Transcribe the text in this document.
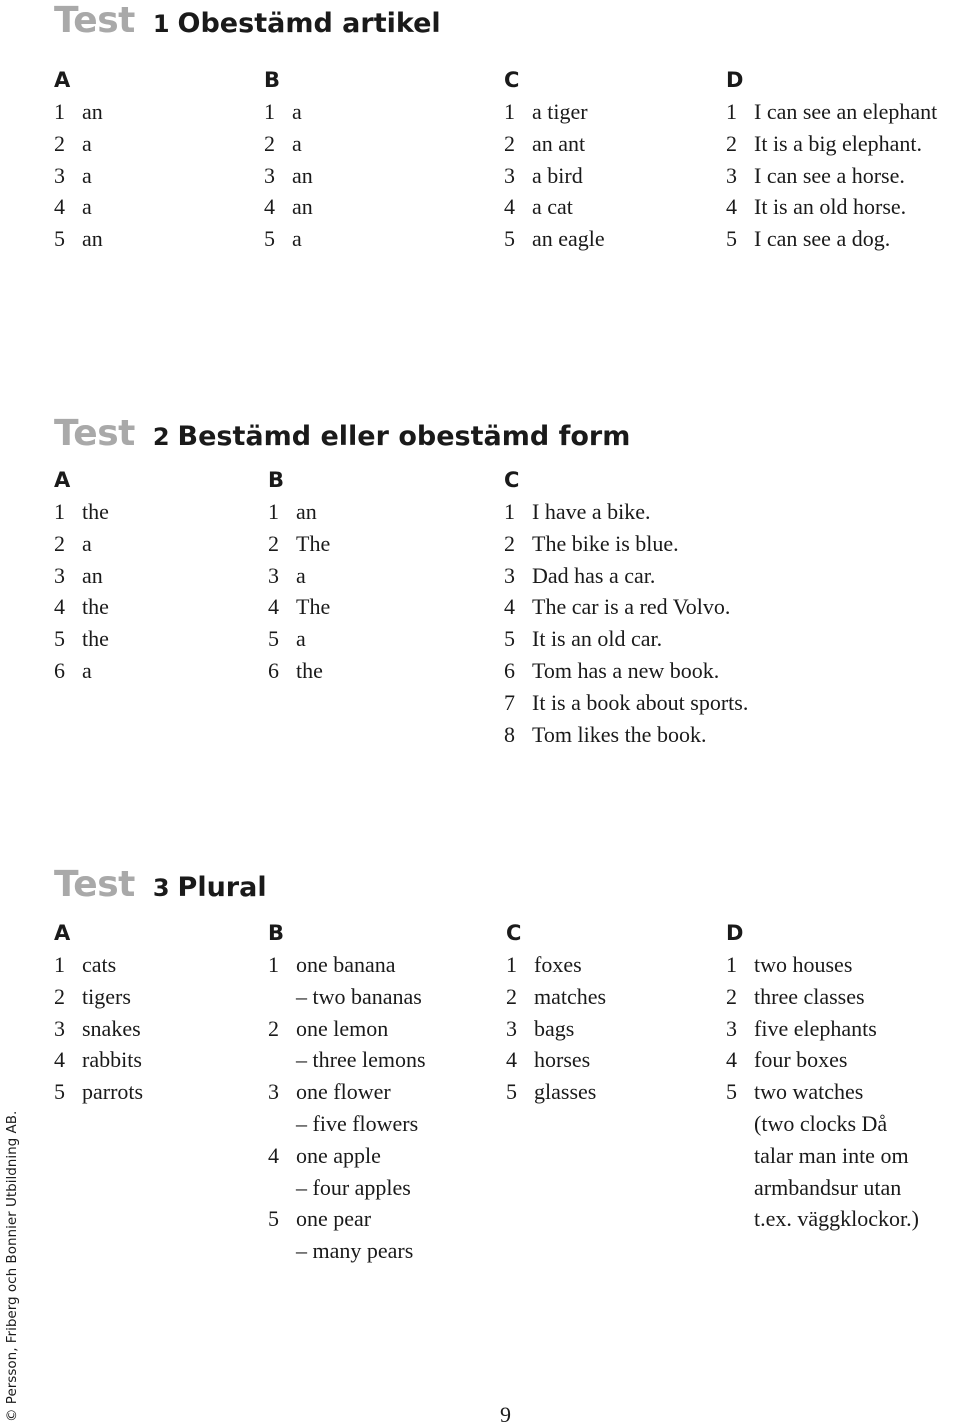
Test 1 Obestämd artikel
A
1 an
2 a
3 a
4 a
5 an
B
1 a
2 a
3 an
4 an
5 a
C
1 a tiger
2 an ant
3 a bird
4 a cat
5 an eagle
D
1 I can see an elephant
2 It is a big elephant.
3 I can see a horse.
4 It is an old horse.
5 I can see a dog.
Test 2 Bestämd eller obestämd form
A
1 the
2 a
3 an
4 the
5 the
6 a
B
1 an
2 The
3 a
4 The
5 a
6 the
C
1 I have a bike.
2 The bike is blue.
3 Dad has a car.
4 The car is a red Volvo.
5 It is an old car.
6 Tom has a new book.
7 It is a book about sports.
8 Tom likes the book.
Test 3 Plural
A
1 cats
2 tigers
3 snakes
4 rabbits
5 parrots
B
1 one banana
– two bananas
2 one lemon
– three lemons
3 one flower
– five flowers
4 one apple
– four apples
5 one pear
– many pears
C
1 foxes
2 matches
3 bags
4 horses
5 glasses
D
1 two houses
2 three classes
3 five elephants
4 four boxes
5 two watches
(two clocks Då
talar man inte om
armbandsur utan
t.ex. väggklockor.)
© Persson, Friberg och Bonnier Utbildning AB.	9
